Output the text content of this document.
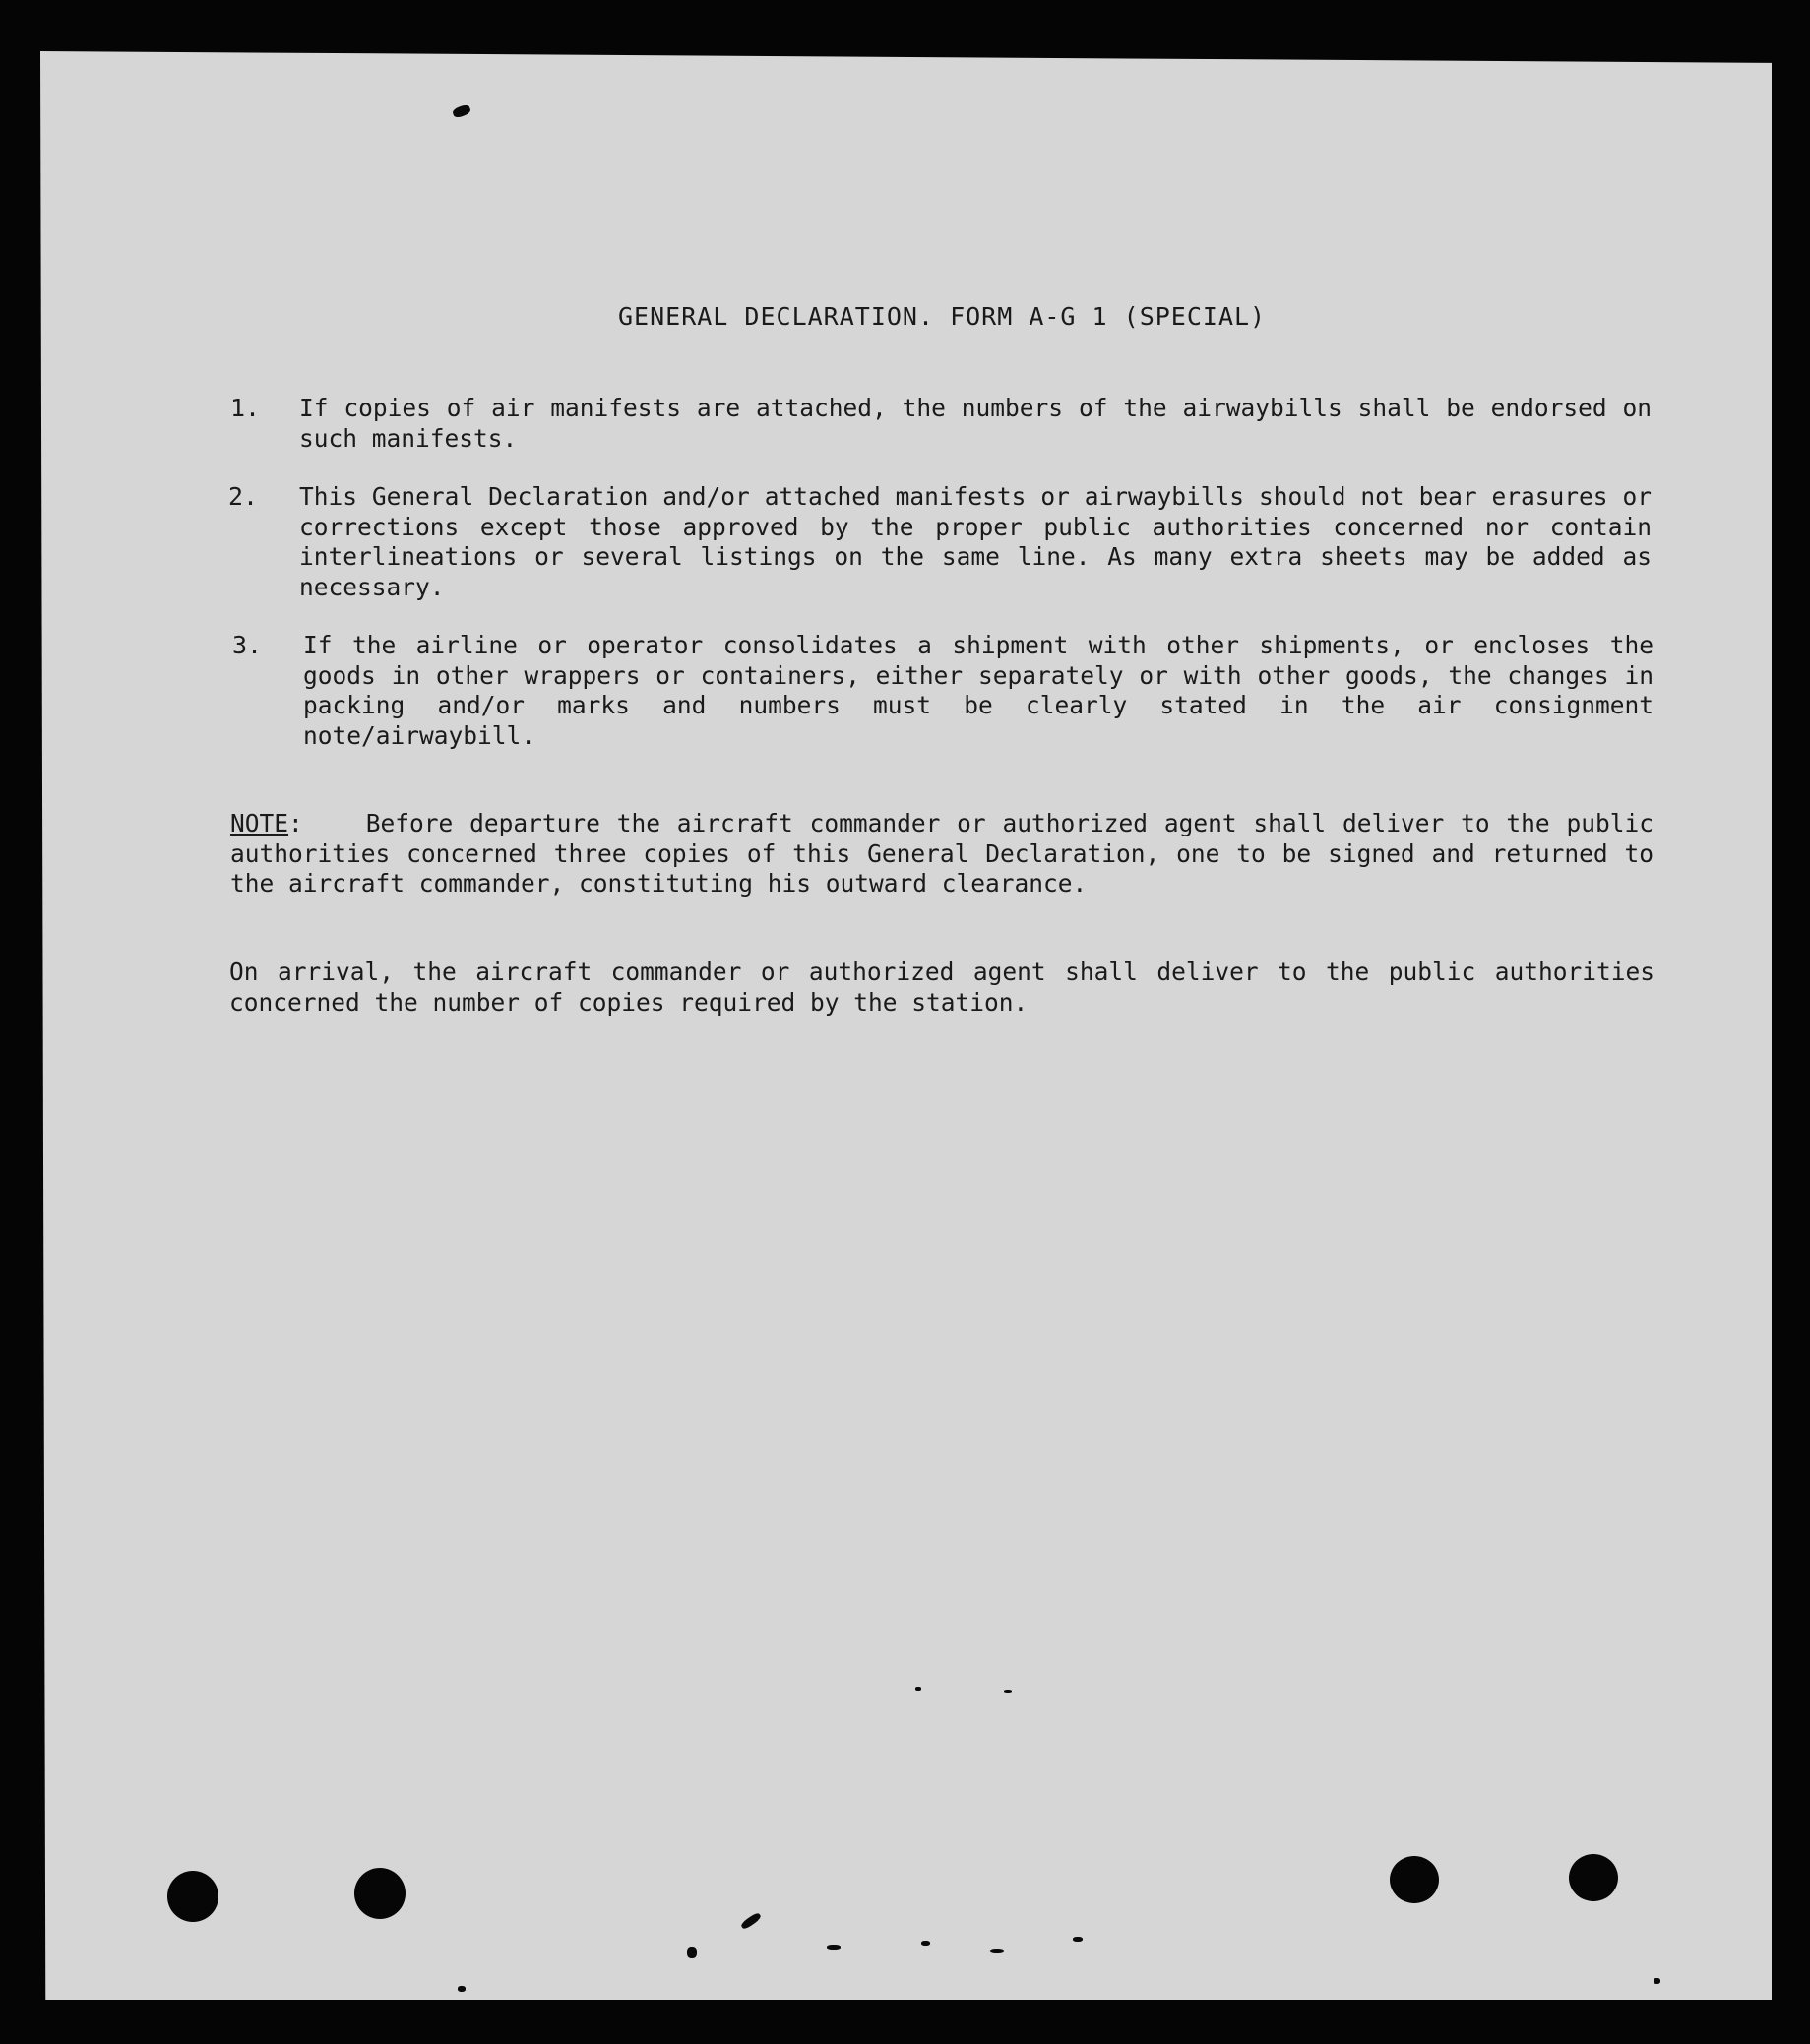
GENERAL DECLARATION. FORM A-G 1 (SPECIAL)
1. If copies of air manifests are attached, the numbers of the airwaybills shall be endorsed on such manifests.
2. This General Declaration and/or attached manifests or airwaybills should not bear erasures or corrections except those approved by the proper public authorities concerned nor contain interlineations or several listings on the same line. As many extra sheets may be added as necessary.
3. If the airline or operator consolidates a shipment with other shipments, or encloses the goods in other wrappers or containers, either separately or with other goods, the changes in packing and/or marks and numbers must be clearly stated in the air consignment note/airwaybill.
NOTE:	Before departure the aircraft commander or authorized agent shall deliver to the public authorities concerned three copies of this General Declaration, one to be signed and returned to the aircraft commander, constituting his outward clearance.
On arrival, the aircraft commander or authorized agent shall deliver to the public authorities concerned the number of copies required by the station.
